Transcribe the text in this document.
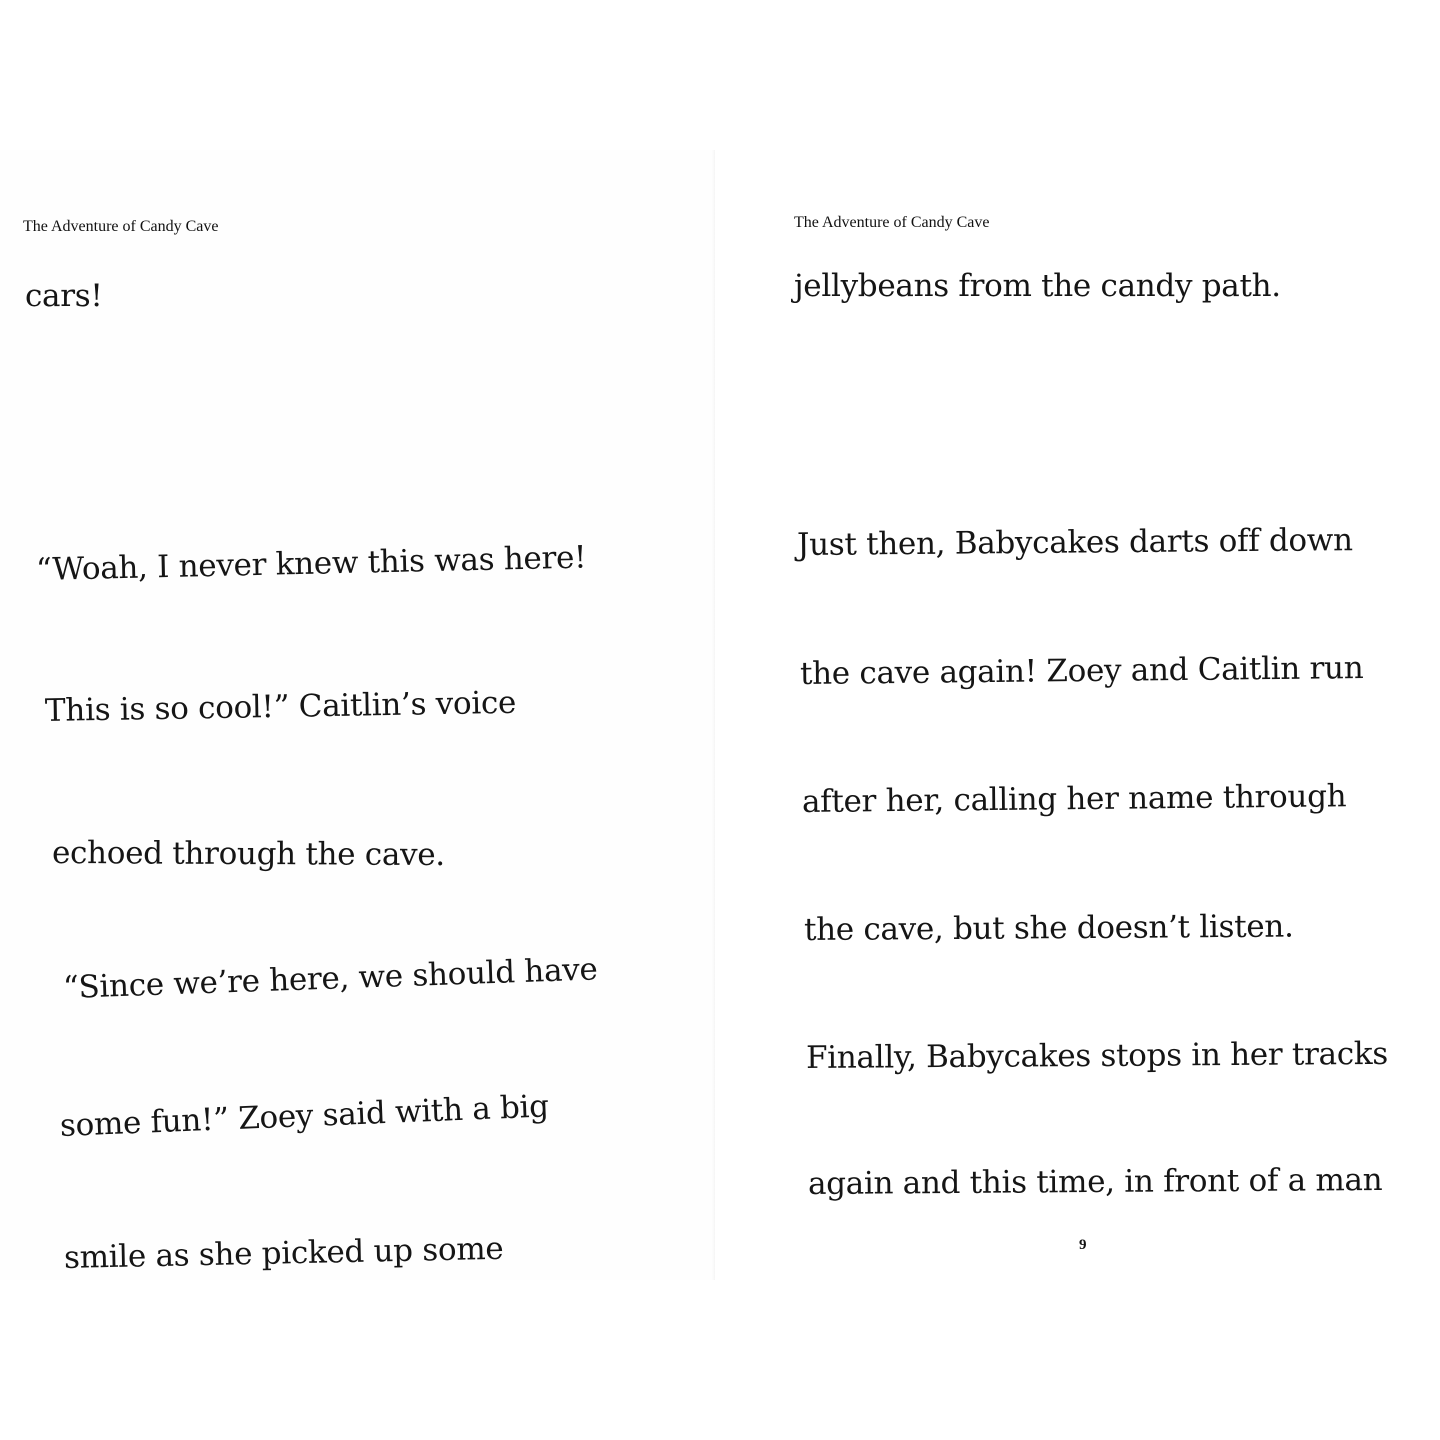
The Adventure of Candy Cave
cars!
“Woah, I never knew this was here!
This is so cool!” Caitlin’s voice
echoed through the cave.
“Since we’re here, we should have
some fun!” Zoey said with a big
smile as she picked up some
The Adventure of Candy Cave
jellybeans from the candy path.
Just then, Babycakes darts off down
the cave again! Zoey and Caitlin run
after her, calling her name through
the cave, but she doesn’t listen.
Finally, Babycakes stops in her tracks
again and this time, in front of a man
9
